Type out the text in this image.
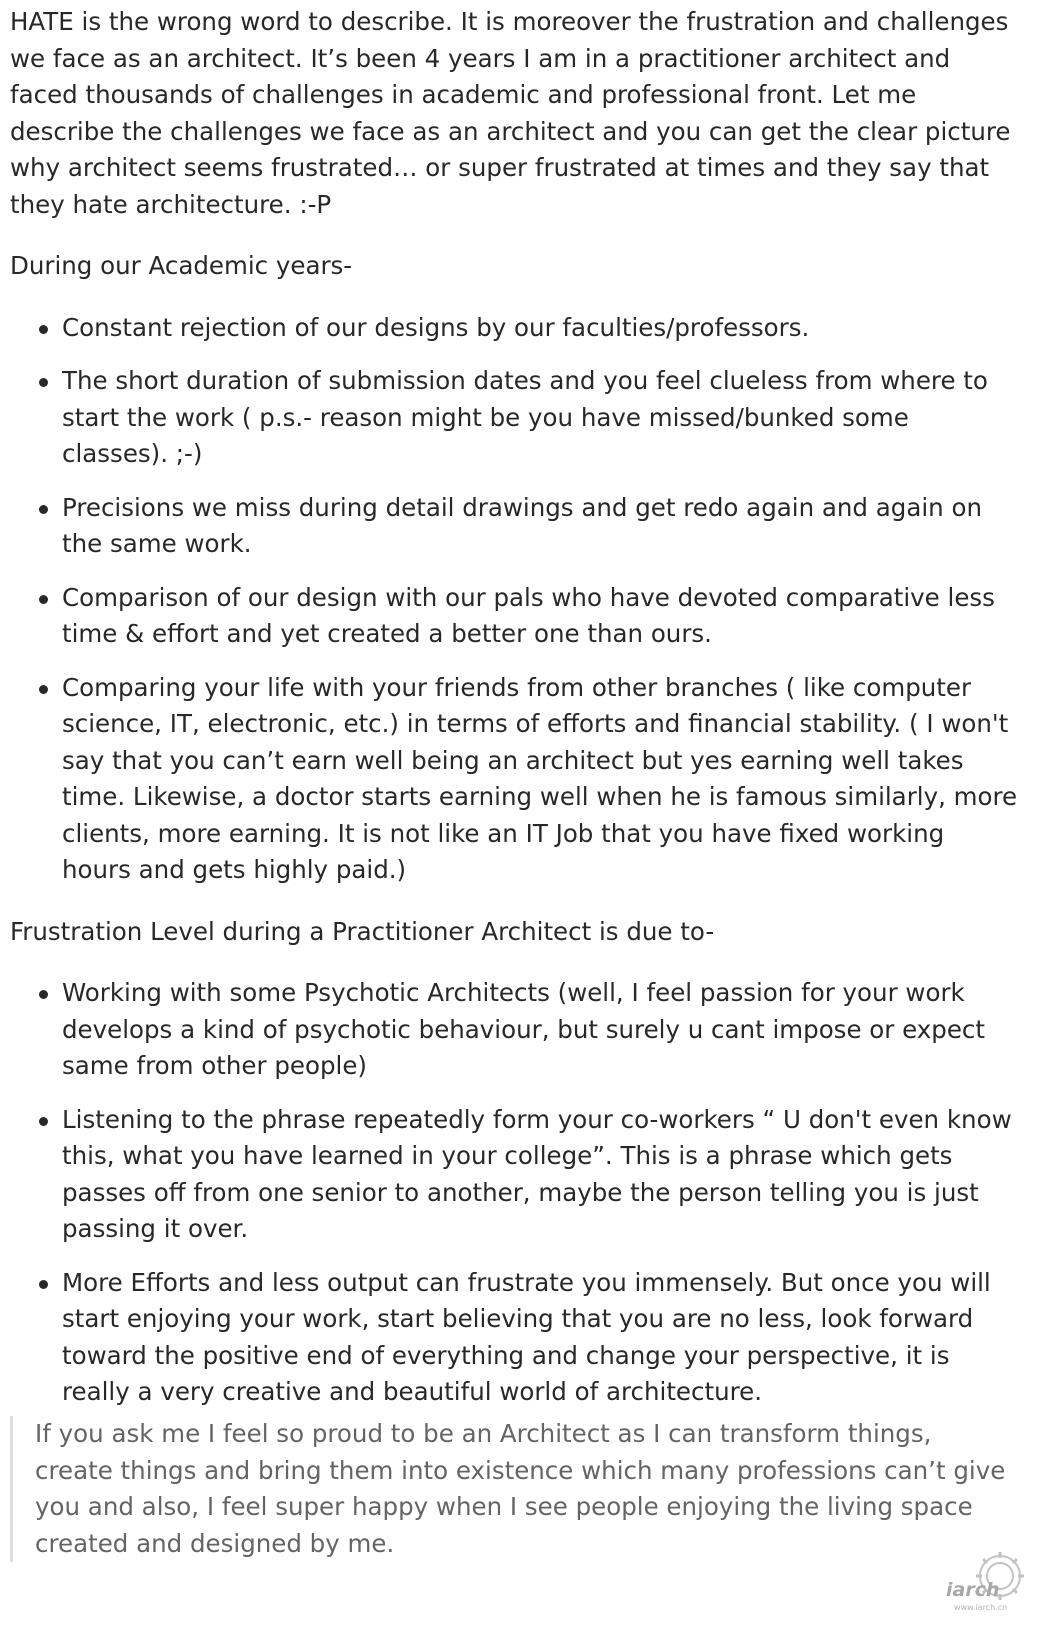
HATE is the wrong word to describe. It is moreover the frustration and challenges we face as an architect. It’s been 4 years I am in a practitioner architect and faced thousands of challenges in academic and professional front. Let me describe the challenges we face as an architect and you can get the clear picture why architect seems frustrated… or super frustrated at times and they say that they hate architecture. :-P

During our Academic years-

Constant rejection of our designs by our faculties/professors.
The short duration of submission dates and you feel clueless from where to start the work ( p.s.- reason might be you have missed/bunked some classes). ;-)
Precisions we miss during detail drawings and get redo again and again on the same work.
Comparison of our design with our pals who have devoted comparative less time & effort and yet created a better one than ours.
Comparing your life with your friends from other branches ( like computer science, IT, electronic, etc.) in terms of efforts and financial stability. ( I won't say that you can’t earn well being an architect but yes earning well takes time. Likewise, a doctor starts earning well when he is famous similarly, more clients, more earning. It is not like an IT Job that you have fixed working hours and gets highly paid.)

Frustration Level during a Practitioner Architect is due to-

Working with some Psychotic Architects (well, I feel passion for your work develops a kind of psychotic behaviour, but surely u cant impose or expect same from other people)
Listening to the phrase repeatedly form your co-workers “ U don't even know this, what you have learned in your college”. This is a phrase which gets passes off from one senior to another, maybe the person telling you is just passing it over.
More Efforts and less output can frustrate you immensely. But once you will start enjoying your work, start believing that you are no less, look forward toward the positive end of everything and change your perspective, it is really a very creative and beautiful world of architecture.

If you ask me I feel so proud to be an Architect as I can transform things, create things and bring them into existence which many professions can’t give you and also, I feel super happy when I see people enjoying the living space created and designed by me.

iarch
www.iarch.cn
